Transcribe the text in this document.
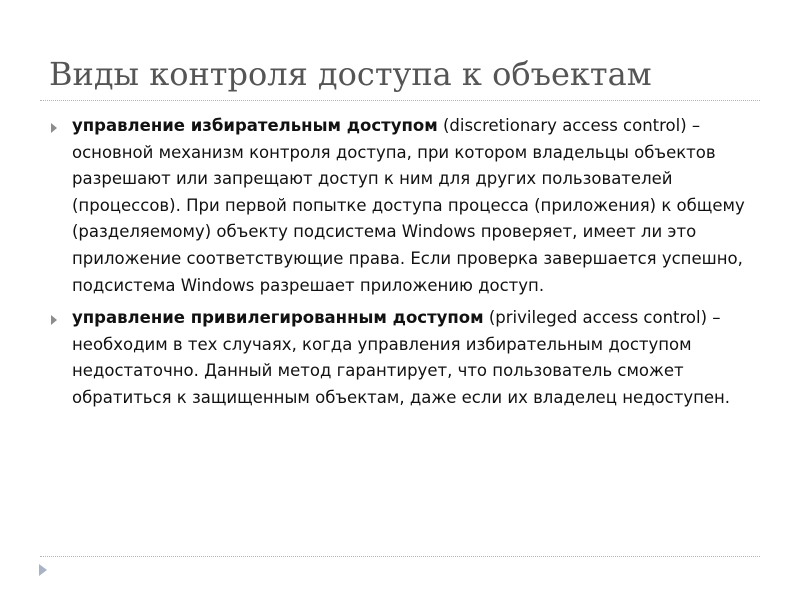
Виды контроля доступа к объектам
управление избирательным доступом (discretionary access control) – основной механизм контроля доступа, при котором владельцы объектов разрешают или запрещают доступ к ним для других пользователей (процессов). При первой попытке доступа процесса (приложения) к общему (разделяемому) объекту подсистема Windows проверяет, имеет ли это приложение соответствующие права. Если проверка завершается успешно, подсистема Windows разрешает приложению доступ.
управление привилегированным доступом (privileged access control) – необходим в тех случаях, когда управления избирательным доступом недостаточно. Данный метод гарантирует, что пользователь сможет обратиться к защищенным объектам, даже если их владелец недоступен.
